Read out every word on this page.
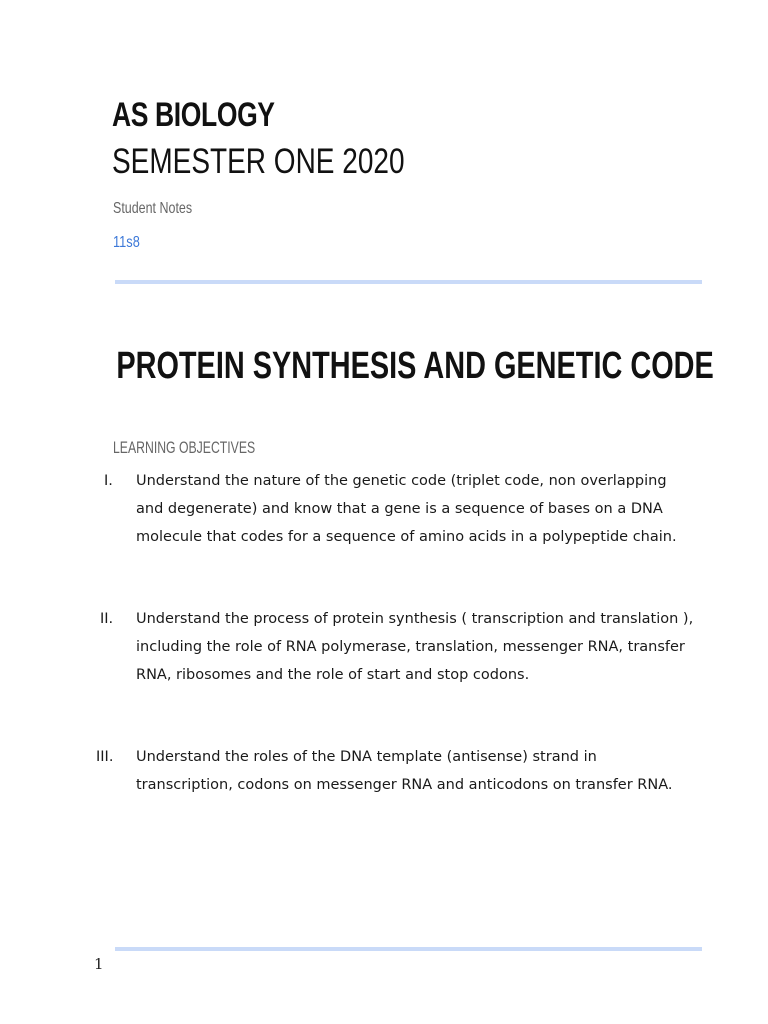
AS BIOLOGY
SEMESTER ONE 2020
Student Notes
11s8
PROTEIN SYNTHESIS AND GENETIC CODE
LEARNING OBJECTIVES
I. Understand the nature of the genetic code (triplet code, non overlapping and degenerate) and know that a gene is a sequence of bases on a DNA molecule that codes for a sequence of amino acids in a polypeptide chain.

II. Understand the process of protein synthesis ( transcription and translation ), including the role of RNA polymerase, translation, messenger RNA, transfer RNA, ribosomes and the role of start and stop codons.

III. Understand the roles of the DNA template (antisense) strand in transcription, codons on messenger RNA and anticodons on transfer RNA.

1
